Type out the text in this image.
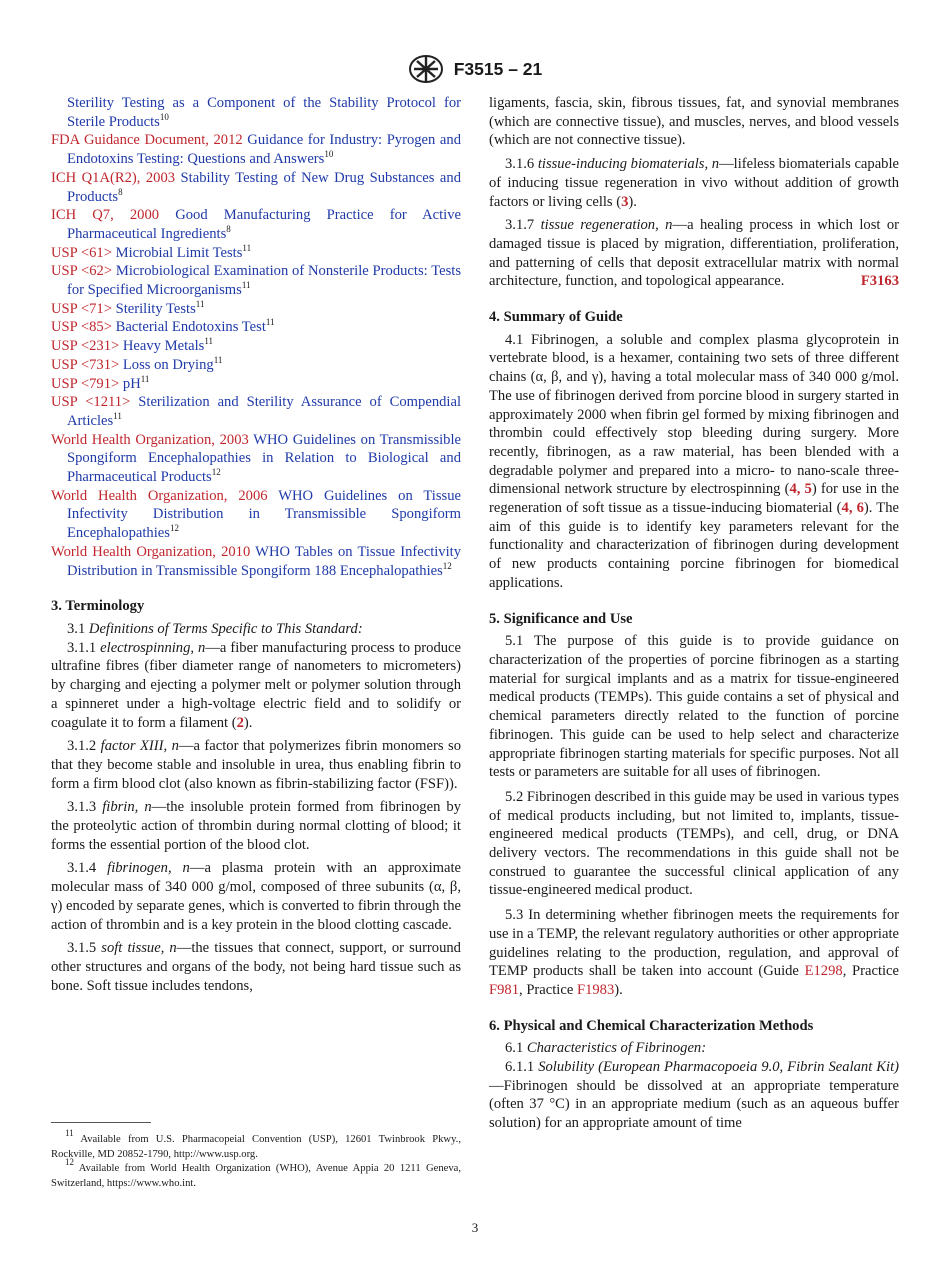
F3515 – 21

Sterility Testing as a Component of the Stability Protocol for Sterile Products$^{10}$

FDA Guidance Document, 2012 Guidance for Industry: Pyrogen and Endotoxins Testing: Questions and Answers$^{10}$

ICH Q1A(R2), 2003 Stability Testing of New Drug Substances and Products$^8$

ICH Q7, 2000 Good Manufacturing Practice for Active Pharmaceutical Ingredients$^8$

USP <61> Microbial Limit Tests$^{11}$

USP <62> Microbiological Examination of Nonsterile Products: Tests for Specified Microorganisms$^{11}$

USP <71> Sterility Tests$^{11}$

USP <85> Bacterial Endotoxins Test$^{11}$

USP <231> Heavy Metals$^{11}$

USP <731> Loss on Drying$^{11}$

USP $<791> pH^{11}$

USP <1211> Sterilization and Sterility Assurance of Compendial Articles$^{11}$

World Health Organization, 2003 WHO Guidelines on Transmissible Spongiform Encephalopathies in Relation to Biological and Pharmaceutical Products$^{12}$

World Health Organization, 2006 WHO Guidelines on Tissue Infectivity Distribution in Transmissible Spongiform Encephalopathies$^{12}$

World Health Organization, 2010 WHO Tables on Tissue Infectivity Distribution in Transmissible Spongiform 188 Encephalopathies$^{12}$

3. Terminology

3.1 Definitions of Terms Specific to This Standard:

3.1.1 electrospinning, n—a fiber manufacturing process to produce ultrafine fibres (fiber diameter range of nanometers to micrometers) by charging and ejecting a polymer melt or polymer solution through a spinneret under a high-voltage electric field and to solidify or coagulate it to form a filament (2).

3.1.2 factor XIII, n—a factor that polymerizes fibrin monomers so that they become stable and insoluble in urea, thus enabling fibrin to form a firm blood clot (also known as fibrin-stabilizing factor (FSF)).

3.1.3 fibrin, n—the insoluble protein formed from fibrinogen by the proteolytic action of thrombin during normal clotting of blood; it forms the essential portion of the blood clot.

3.1.4 fibrinogen, n—a plasma protein with an approximate molecular mass of 340 000 g/mol, composed of three subunits (α, β, γ) encoded by separate genes, which is converted to fibrin through the action of thrombin and is a key protein in the blood clotting cascade.

3.1.5 soft tissue, n—the tissues that connect, support, or surround other structures and organs of the body, not being hard tissue such as bone. Soft tissue includes tendons,

$^{11}$ Available from U.S. Pharmacopeial Convention (USP), 12601 Twinbrook Pkwy., Rockville, MD 20852-1790, http://www.usp.org.

$^{12}$ Available from World Health Organization (WHO), Avenue Appia 20 1211 Geneva, Switzerland, https://www.who.int.

ligaments, fascia, skin, fibrous tissues, fat, and synovial membranes (which are connective tissue), and muscles, nerves, and blood vessels (which are not connective tissue).

3.1.6 tissue-inducing biomaterials, n—lifeless biomaterials capable of inducing tissue regeneration in vivo without addition of growth factors or living cells (3).

3.1.7 tissue regeneration, n—a healing process in which lost or damaged tissue is placed by migration, differentiation, proliferation, and patterning of cells that deposit extracellular matrix with normal architecture, function, and topological appearance.	F3163

4. Summary of Guide

4.1 Fibrinogen, a soluble and complex plasma glycoprotein in vertebrate blood, is a hexamer, containing two sets of three different chains (α, β, and γ), having a total molecular mass of 340 000 g/mol. The use of fibrinogen derived from porcine blood in surgery started in approximately 2000 when fibrin gel formed by mixing fibrinogen and thrombin could effectively stop bleeding during surgery. More recently, fibrinogen, as a raw material, has been blended with a degradable polymer and prepared into a micro- to nano-scale three-dimensional network structure by electrospinning (4, 5) for use in the regeneration of soft tissue as a tissue-inducing biomaterial (4, 6). The aim of this guide is to identify key parameters relevant for the functionality and characterization of fibrinogen during development of new products containing porcine fibrinogen for biomedical applications.

5. Significance and Use

5.1 The purpose of this guide is to provide guidance on characterization of the properties of porcine fibrinogen as a starting material for surgical implants and as a matrix for tissue-engineered medical products (TEMPs). This guide contains a set of physical and chemical parameters directly related to the function of porcine fibrinogen. This guide can be used to help select and characterize appropriate fibrinogen starting materials for specific purposes. Not all tests or parameters are suitable for all uses of fibrinogen.

5.2 Fibrinogen described in this guide may be used in various types of medical products including, but not limited to, implants, tissue-engineered medical products (TEMPs), and cell, drug, or DNA delivery vectors. The recommendations in this guide shall not be construed to guarantee the successful clinical application of any tissue-engineered medical product.

5.3 In determining whether fibrinogen meets the requirements for use in a TEMP, the relevant regulatory authorities or other appropriate guidelines relating to the production, regulation, and approval of TEMP products shall be taken into account (Guide E1298, Practice F981, Practice F1983).

6. Physical and Chemical Characterization Methods

6.1 Characteristics of Fibrinogen:

6.1.1 Solubility (European Pharmacopoeia 9.0, Fibrin Sealant Kit)—Fibrinogen should be dissolved at an appropriate temperature (often 37 °C) in an appropriate medium (such as an aqueous buffer solution) for an appropriate amount of time

3
